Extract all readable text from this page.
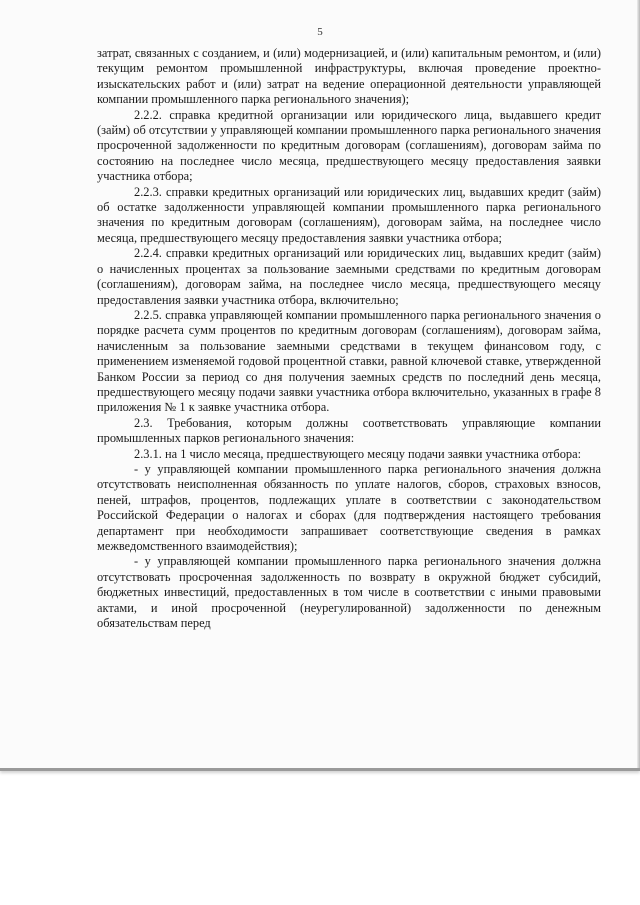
5

затрат, связанных с созданием, и (или) модернизацией, и (или) капитальным ремонтом, и (или) текущим ремонтом промышленной инфраструктуры, включая проведение проектно-изыскательских работ и (или) затрат на ведение операционной деятельности управляющей компании промышленного парка регионального значения);

2.2.2. справка кредитной организации или юридического лица, выдавшего кредит (займ) об отсутствии у управляющей компании промышленного парка регионального значения просроченной задолженности по кредитным договорам (соглашениям), договорам займа по состоянию на последнее число месяца, предшествующего месяцу предоставления заявки участника отбора;

2.2.3. справки кредитных организаций или юридических лиц, выдавших кредит (займ) об остатке задолженности управляющей компании промышленного парка регионального значения по кредитным договорам (соглашениям), договорам займа, на последнее число месяца, предшествующего месяцу предоставления заявки участника отбора;

2.2.4. справки кредитных организаций или юридических лиц, выдавших кредит (займ) о начисленных процентах за пользование заемными средствами по кредитным договорам (соглашениям), договорам займа, на последнее число месяца, предшествующего месяцу предоставления заявки участника отбора, включительно;

2.2.5. справка управляющей компании промышленного парка регионального значения о порядке расчета сумм процентов по кредитным договорам (соглашениям), договорам займа, начисленным за пользование заемными средствами в текущем финансовом году, с применением изменяемой годовой процентной ставки, равной ключевой ставке, утвержденной Банком России за период со дня получения заемных средств по последний день месяца, предшествующего месяцу подачи заявки участника отбора включительно, указанных в графе 8 приложения № 1 к заявке участника отбора.

2.3. Требования, которым должны соответствовать управляющие компании промышленных парков регионального значения:

2.3.1. на 1 число месяца, предшествующего месяцу подачи заявки участника отбора:

- у управляющей компании промышленного парка регионального значения должна отсутствовать неисполненная обязанность по уплате налогов, сборов, страховых взносов, пеней, штрафов, процентов, подлежащих уплате в соответствии с законодательством Российской Федерации о налогах и сборах (для подтверждения настоящего требования департамент при необходимости запрашивает соответствующие сведения в рамках межведомственного взаимодействия);

- у управляющей компании промышленного парка регионального значения должна отсутствовать просроченная задолженность по возврату в окружной бюджет субсидий, бюджетных инвестиций, предоставленных в том числе в соответствии с иными правовыми актами, и иной просроченной (неурегулированной) задолженности по денежным обязательствам перед
